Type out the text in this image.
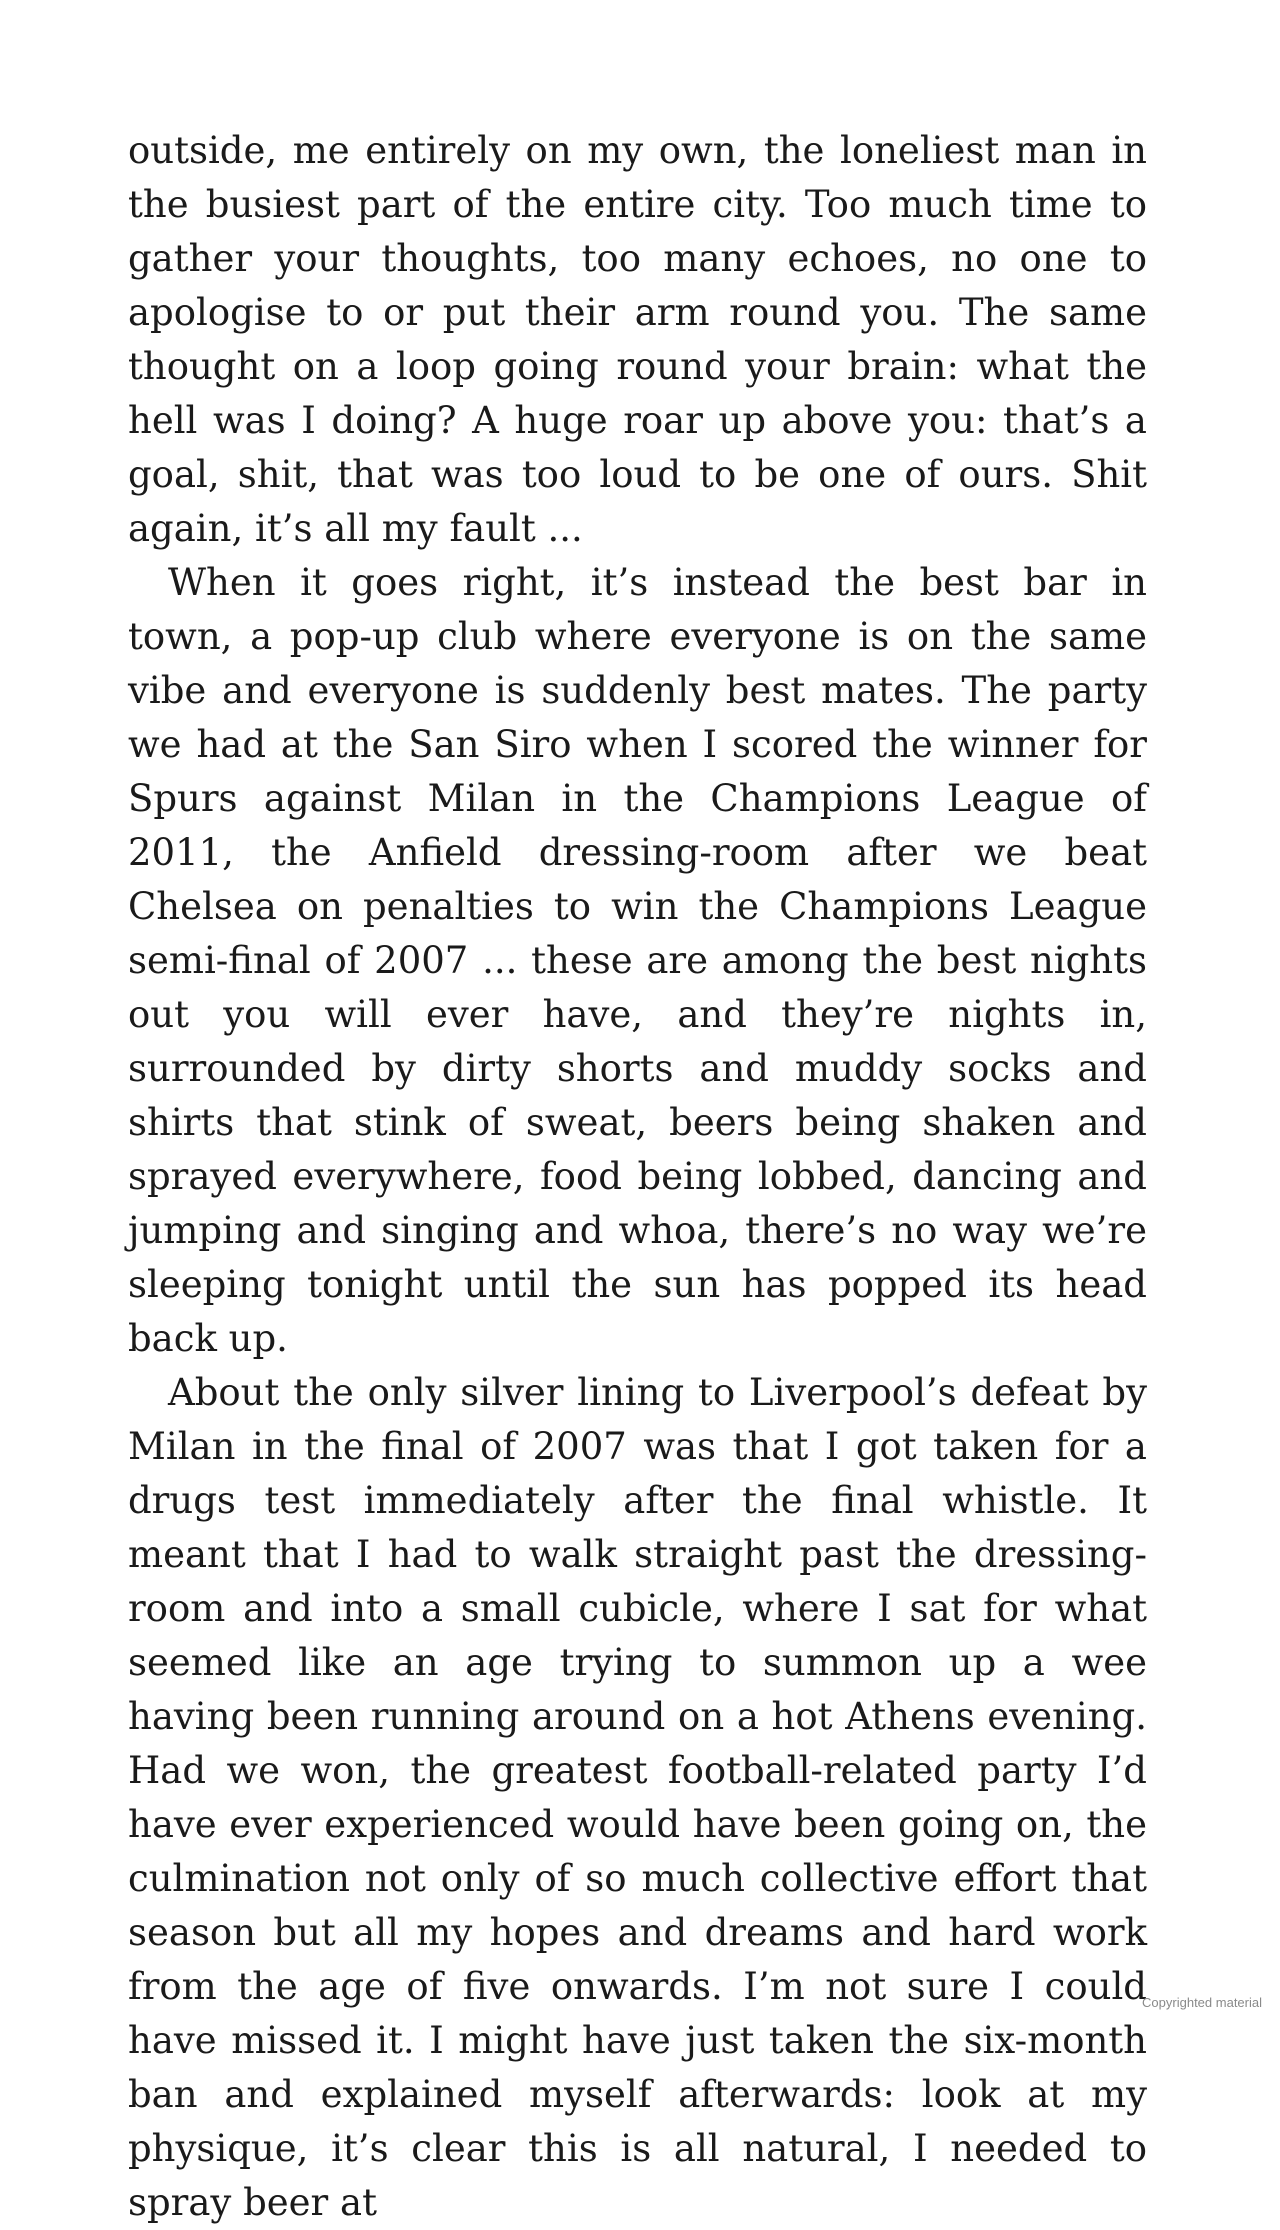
outside, me entirely on my own, the loneliest man in the busiest part of the entire city. Too much time to gather your thoughts, too many echoes, no one to apologise to or put their arm round you. The same thought on a loop going round your brain: what the hell was I doing? A huge roar up above you: that’s a goal, shit, that was too loud to be one of ours. Shit again, it’s all my fault ...

When it goes right, it’s instead the best bar in town, a pop-up club where everyone is on the same vibe and everyone is suddenly best mates. The party we had at the San Siro when I scored the winner for Spurs against Milan in the Champions League of 2011, the Anfield dressing-room after we beat Chelsea on penalties to win the Champions League semi-final of 2007 ... these are among the best nights out you will ever have, and they’re nights in, surrounded by dirty shorts and muddy socks and shirts that stink of sweat, beers being shaken and sprayed everywhere, food being lobbed, dancing and jumping and singing and whoa, there’s no way we’re sleeping tonight until the sun has popped its head back up.

About the only silver lining to Liverpool’s defeat by Milan in the final of 2007 was that I got taken for a drugs test immediately after the final whistle. It meant that I had to walk straight past the dressing-room and into a small cubicle, where I sat for what seemed like an age trying to summon up a wee having been running around on a hot Athens evening. Had we won, the greatest football-related party I’d have ever experienced would have been going on, the culmination not only of so much collective effort that season but all my hopes and dreams and hard work from the age of five onwards. I’m not sure I could have missed it. I might have just taken the six-month ban and explained myself afterwards: look at my physique, it’s clear this is all natural, I needed to spray beer at

Copyrighted material
